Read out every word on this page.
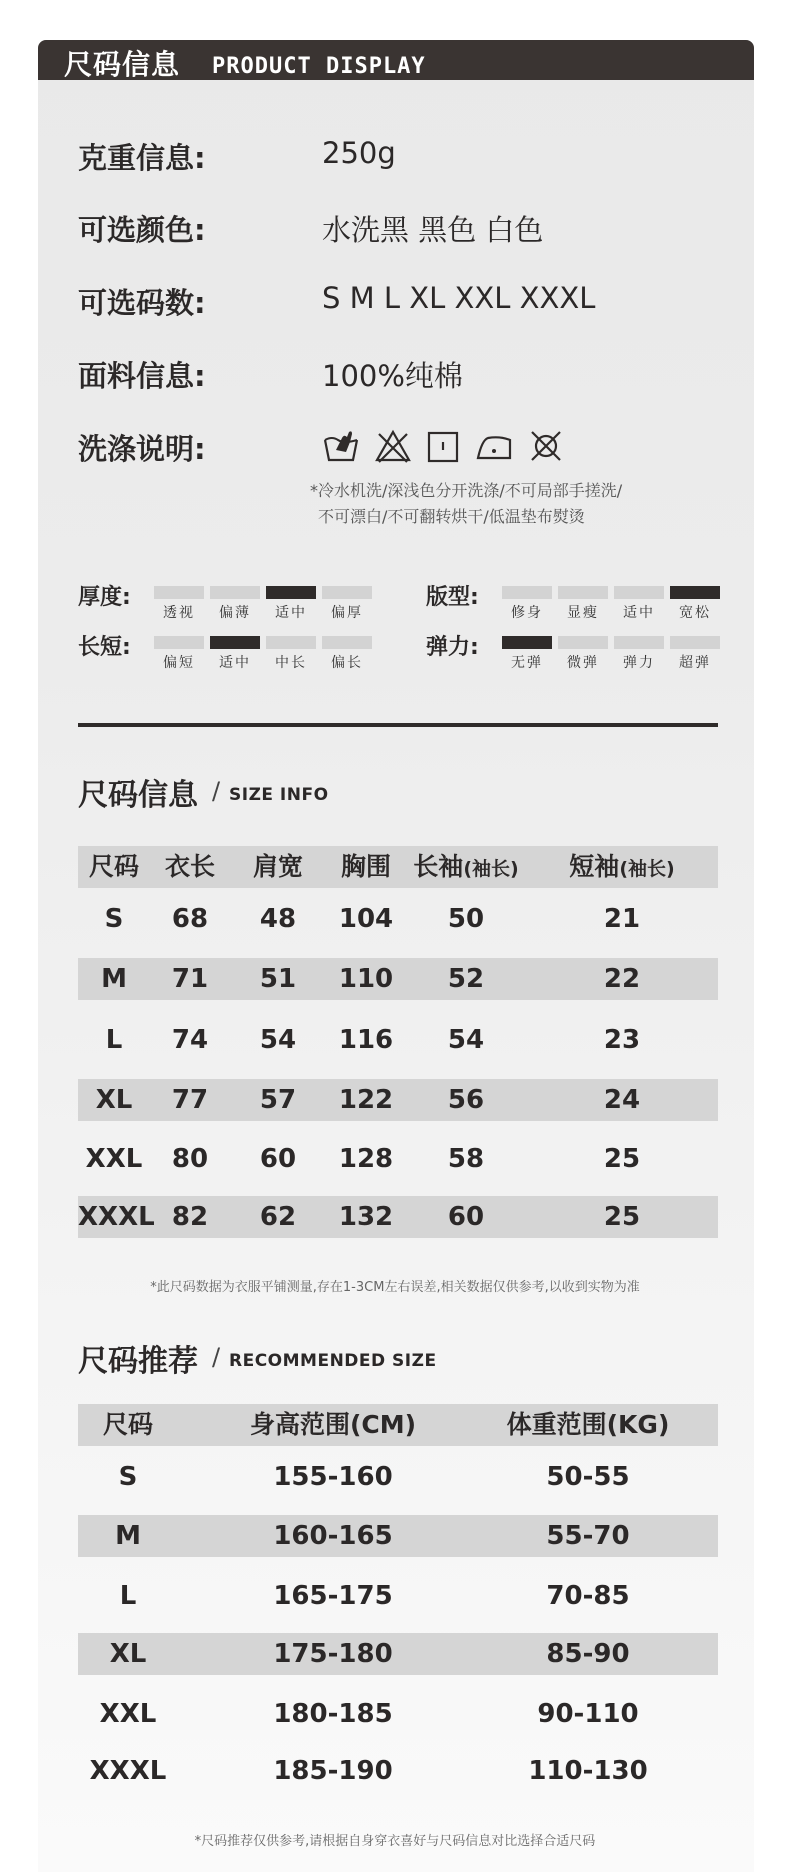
尺码信息 PRODUCT DISPLAY
克重信息:	250g
可选颜色:	水洗黑 黑色 白色
可选码数:	S M L XL XXL XXXL
面料信息:	100%纯棉
洗涤说明:
*冷水机洗/深浅色分开洗涤/不可局部手搓洗/
不可漂白/不可翻转烘干/低温垫布熨烫
厚度:
透视	偏薄	适中	偏厚
版型:
修身	显瘦	适中	宽松
长短:
偏短	适中	中长	偏长
弹力:
无弹	微弹	弹力	超弹
尺码信息 / SIZE INFO
尺码	衣长	肩宽	胸围 长袖(袖长)	短袖(袖长)
S	68	48	104	50	21
M	71	51	110	52	22
L	74	54	116	54	23
XL	77	57	122	56	24
XXL	80	60	128	58	25
XXXL 82	62	132	60	25
*此尺码数据为衣服平铺测量,存在1-3CM左右误差,相关数据仅供参考,以收到实物为准
尺码推荐 / RECOMMENDED SIZE
尺码	身高范围(CM)	体重范围(KG)
S	155-160	50-55
M	160-165	55-70
L	165-175	70-85
XL	175-180	85-90
XXL	180-185	90-110
XXXL	185-190	110-130
*尺码推荐仅供参考,请根据自身穿衣喜好与尺码信息对比选择合适尺码
